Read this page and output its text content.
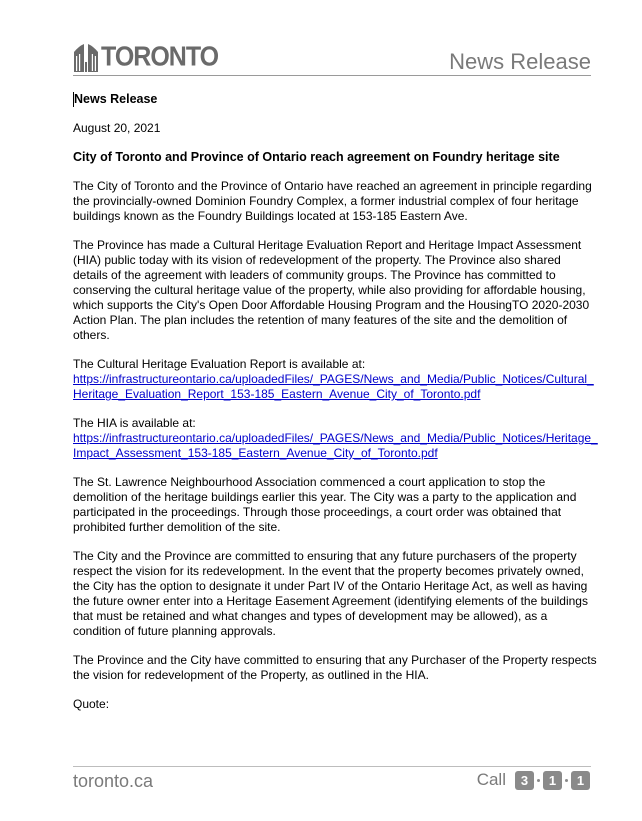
TORONTO	News Release

News Release

August 20, 2021

City of Toronto and Province of Ontario reach agreement on Foundry heritage site

The City of Toronto and the Province of Ontario have reached an agreement in principle regarding the provincially-owned Dominion Foundry Complex, a former industrial complex of four heritage buildings known as the Foundry Buildings located at 153-185 Eastern Ave.

The Province has made a Cultural Heritage Evaluation Report and Heritage Impact Assessment (HIA) public today with its vision of redevelopment of the property. The Province also shared details of the agreement with leaders of community groups. The Province has committed to conserving the cultural heritage value of the property, while also providing for affordable housing, which supports the City's Open Door Affordable Housing Program and the HousingTO 2020-2030 Action Plan. The plan includes the retention of many features of the site and the demolition of others.

The Cultural Heritage Evaluation Report is available at:
https://infrastructureontario.ca/uploadedFiles/_PAGES/News_and_Media/Public_Notices/Cultural_Heritage_Evaluation_Report_153-185_Eastern_Avenue_City_of_Toronto.pdf

The HIA is available at:
https://infrastructureontario.ca/uploadedFiles/_PAGES/News_and_Media/Public_Notices/Heritage_Impact_Assessment_153-185_Eastern_Avenue_City_of_Toronto.pdf

The St. Lawrence Neighbourhood Association commenced a court application to stop the demolition of the heritage buildings earlier this year. The City was a party to the application and participated in the proceedings. Through those proceedings, a court order was obtained that prohibited further demolition of the site.

The City and the Province are committed to ensuring that any future purchasers of the property respect the vision for its redevelopment. In the event that the property becomes privately owned, the City has the option to designate it under Part IV of the Ontario Heritage Act, as well as having the future owner enter into a Heritage Easement Agreement (identifying elements of the buildings that must be retained and what changes and types of development may be allowed), as a condition of future planning approvals.

The Province and the City have committed to ensuring that any Purchaser of the Property respects the vision for redevelopment of the Property, as outlined in the HIA.

Quote:

toronto.ca	Call	3	1	1
